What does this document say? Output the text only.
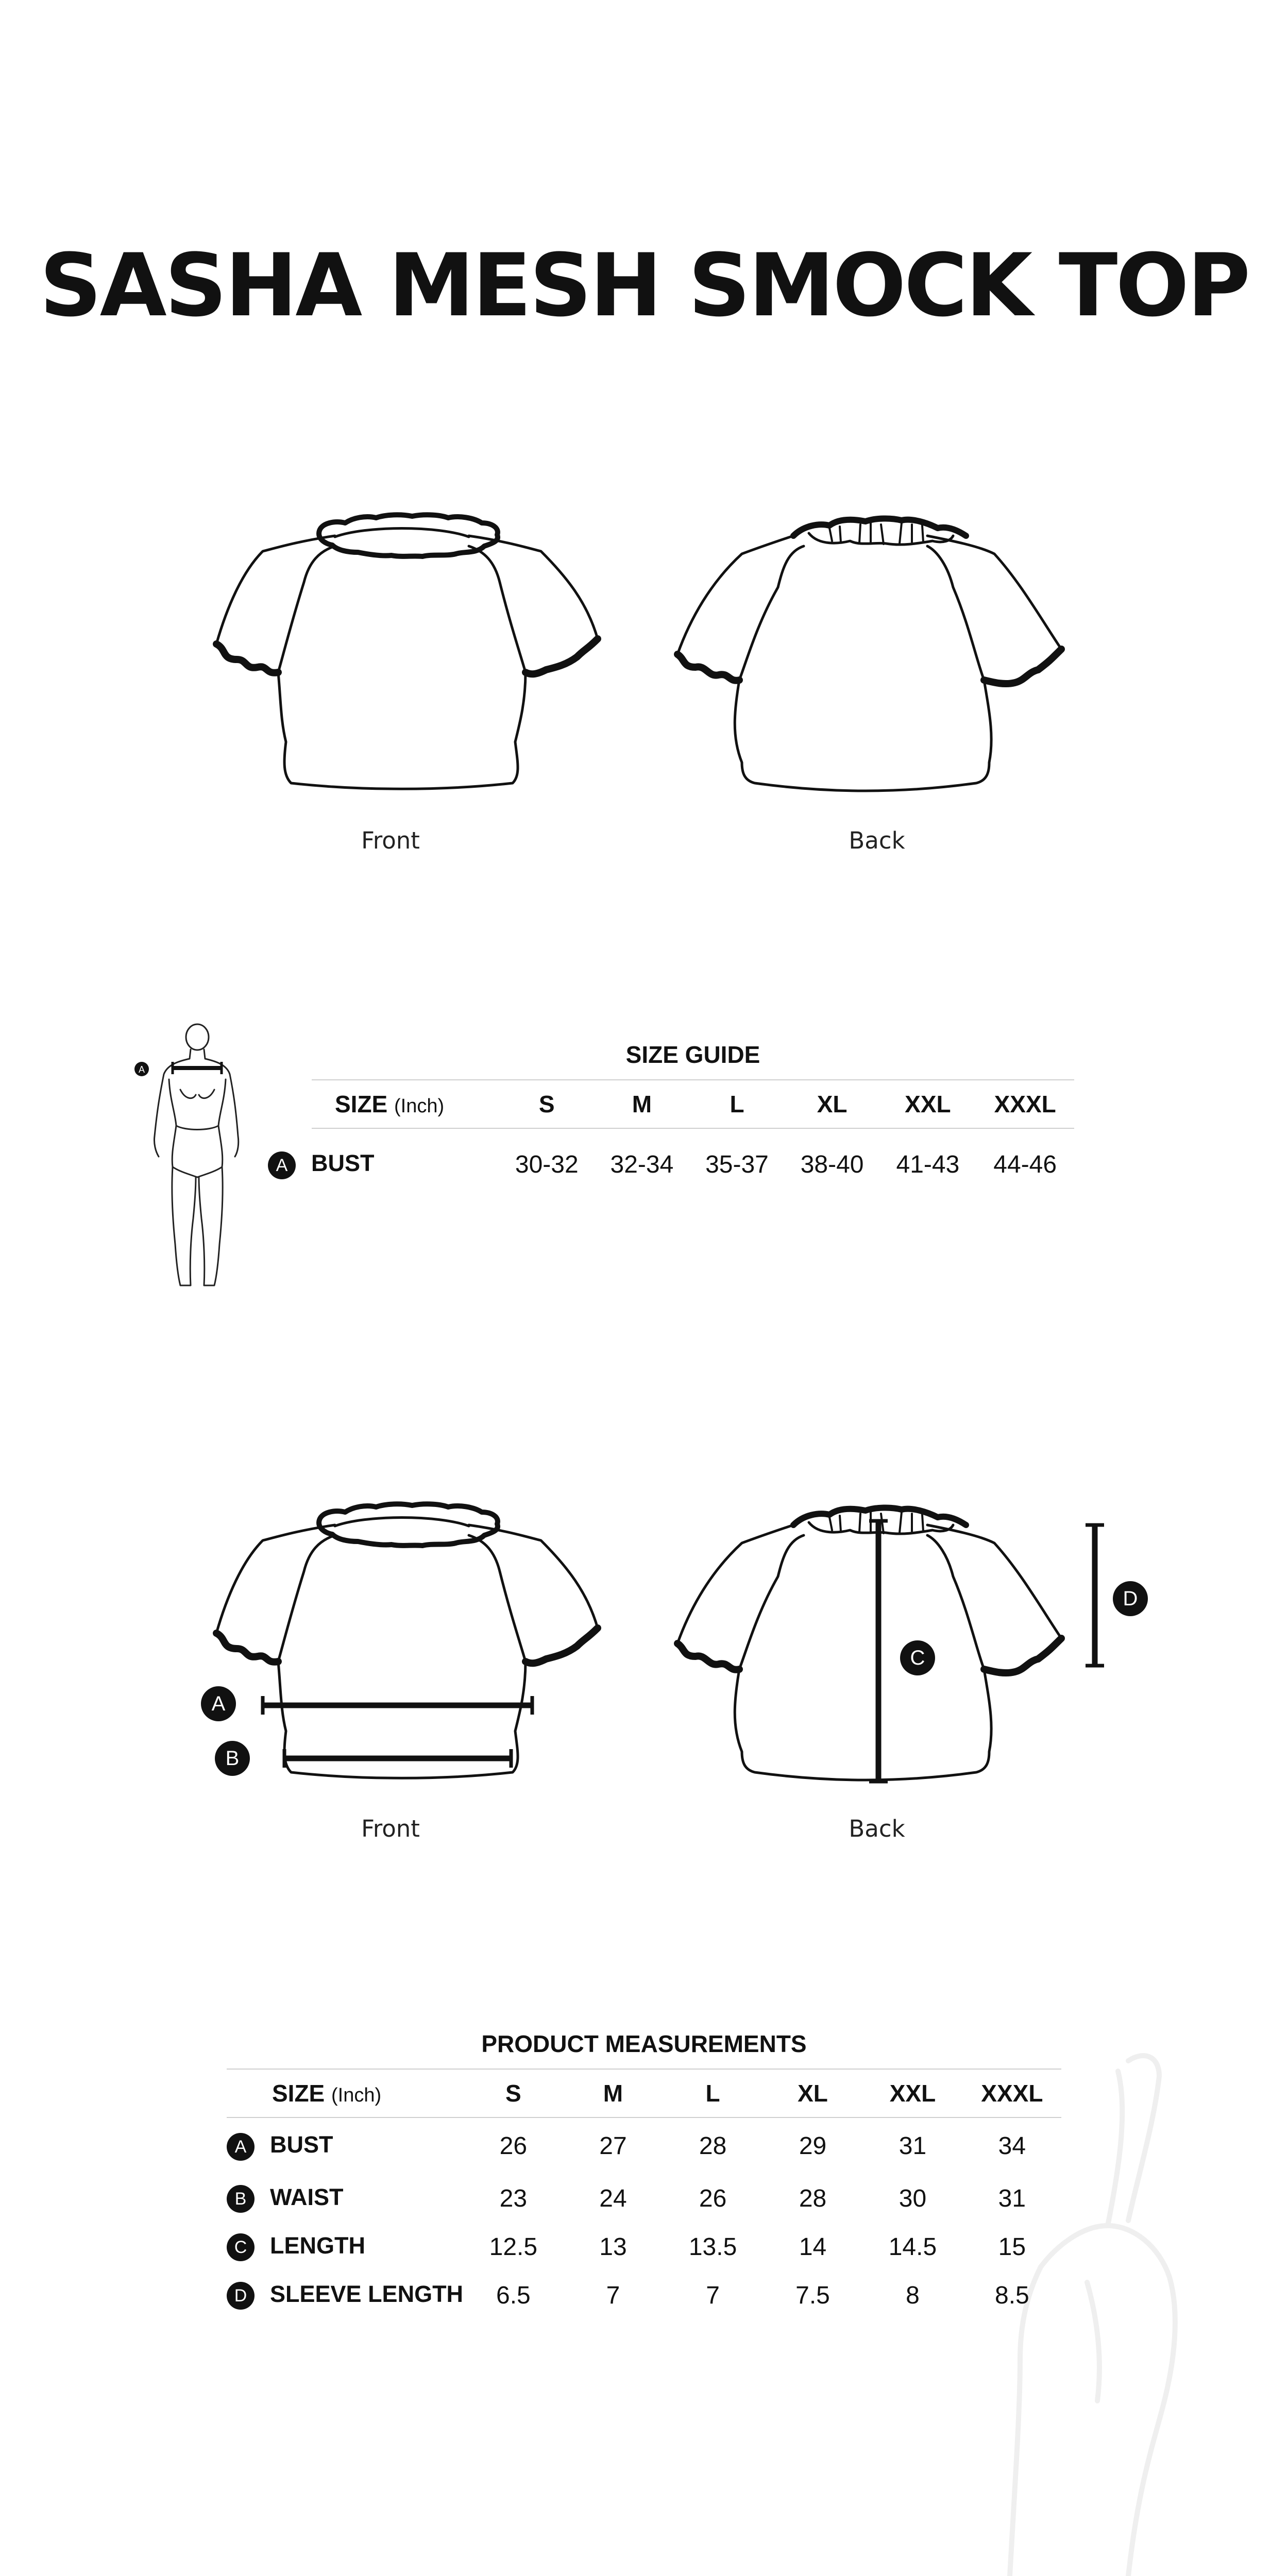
SASHA MESH SMOCK TOP
Front	Back
A
SIZE GUIDE
SIZE (Inch)	S	M	L	XL	XXL	XXXL
A BUST	30-32	32-34	35-37	38-40	41-43	44-46
A
B
C
D
Front	Back
PRODUCT MEASUREMENTS
SIZE (Inch)	S	M	L	XL	XXL	XXXL
A BUST	26	27	28	29	31	34
B WAIST	23	24	26	28	30	31
C LENGTH	12.5	13	13.5	14	14.5	15
D SLEEVE LENGTH	6.5	7	7	7.5	8	8.5
